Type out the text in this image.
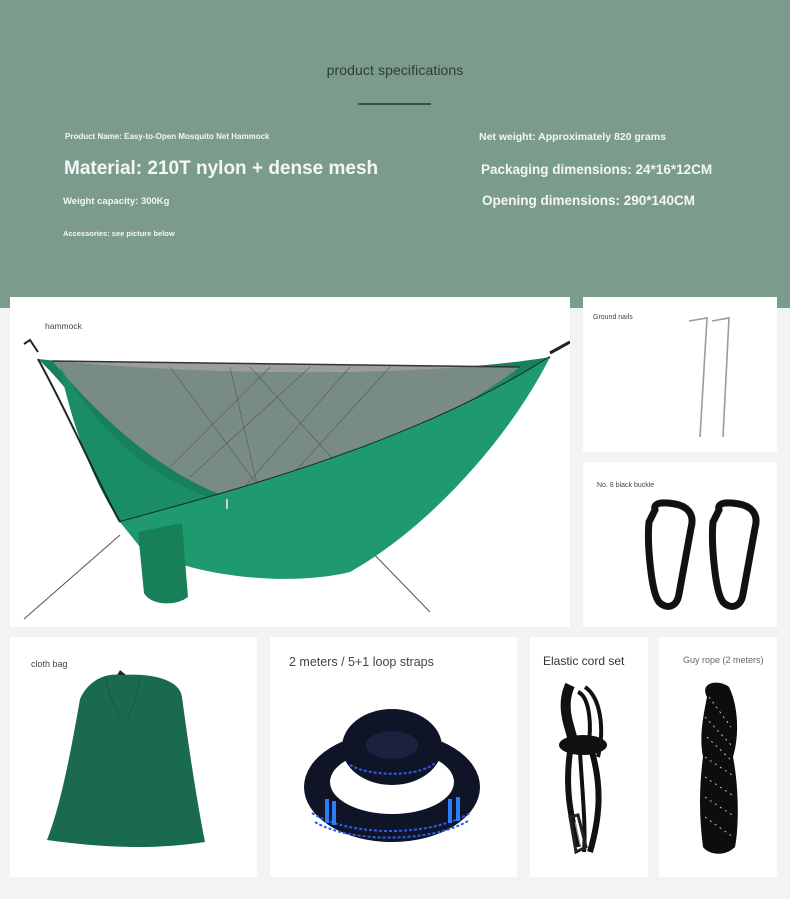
product specifications
Product Name: Easy-to-Open Mosquito Net Hammock
Material: 210T nylon + dense mesh
Weight capacity: 300Kg
Accessories: see picture below
Net weight: Approximately 820 grams
Packaging dimensions: 24*16*12CM
Opening dimensions: 290*140CM
hammock
Ground nails
No. 8 black buckle
cloth bag	2 meters / 5+1 loop straps	Elastic cord set	Guy rope (2 meters)
